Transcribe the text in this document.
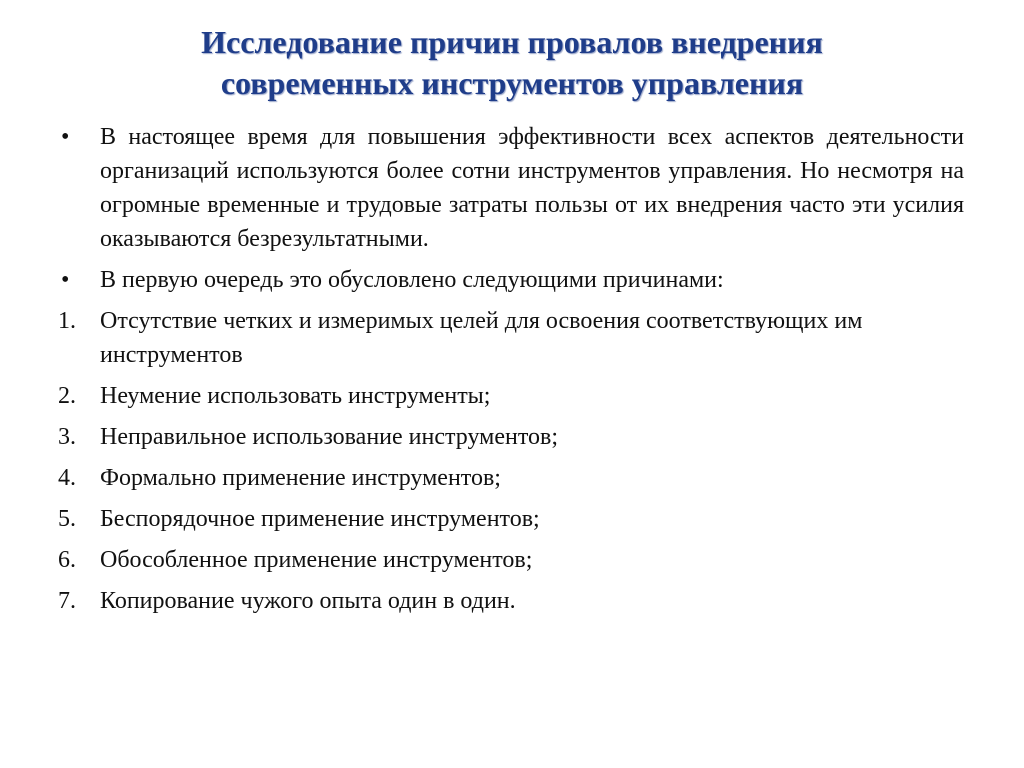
Исследование причин провалов внедрения
современных инструментов управления
•	В настоящее время для повышения эффективности всех аспектов деятельности организаций используются более сотни инструментов управления. Но несмотря на огромные временные и трудовые затраты пользы от их внедрения часто эти усилия оказываются безрезультатными.
•	В первую очередь это обусловлено следующими причинами:
1.	Отсутствие четких и измеримых целей для освоения соответствующих им инструментов
2.	Неумение использовать инструменты;
3.	Неправильное использование инструментов;
4.	Формально применение инструментов;
5.	Беспорядочное применение инструментов;
6.	Обособленное применение инструментов;
7.	Копирование чужого опыта один в один.
